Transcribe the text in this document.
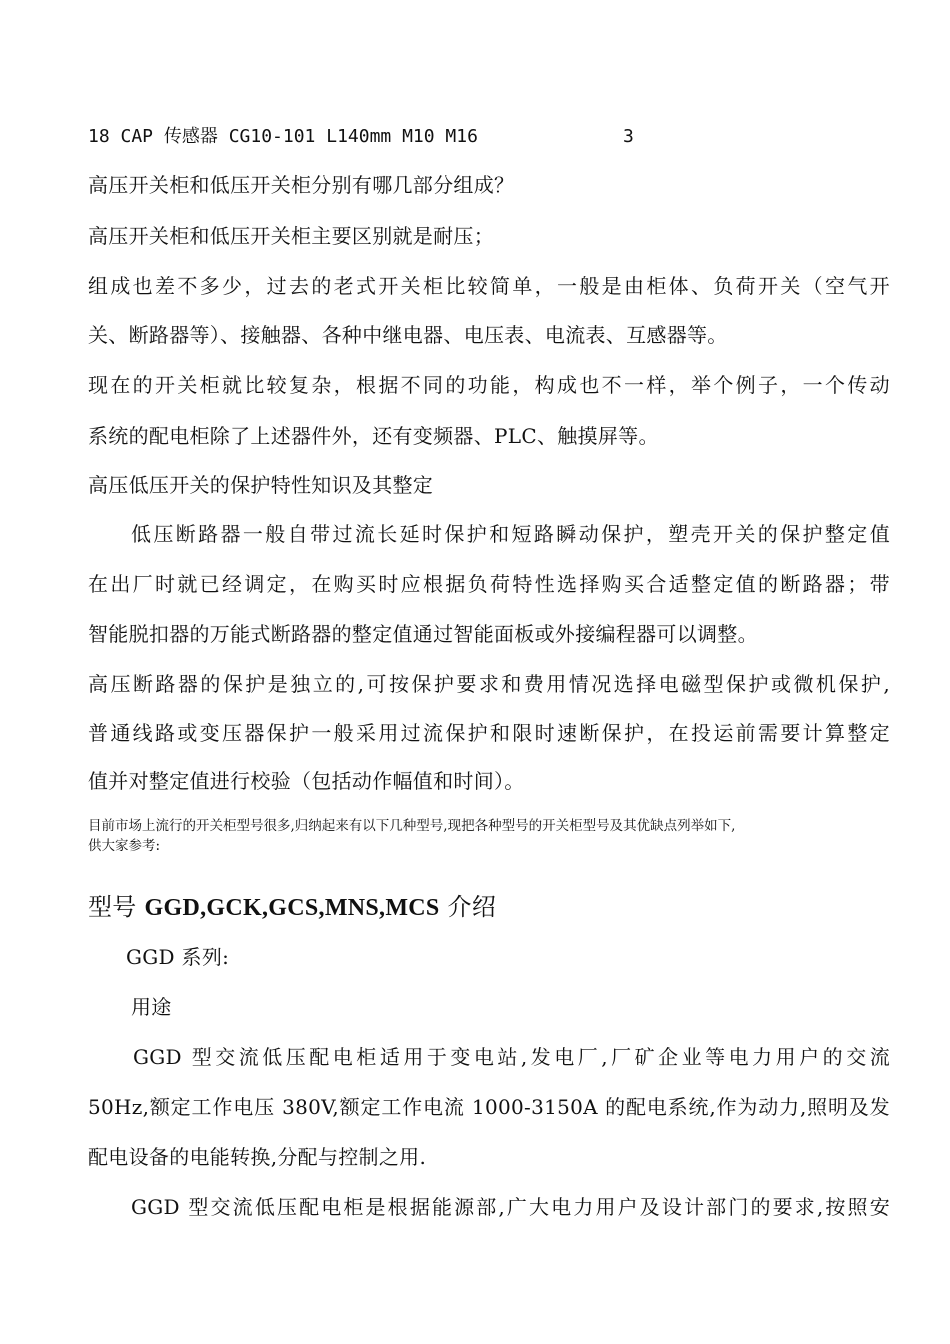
18 CAP 传感器 CG10-101 L140mm M10 M16	3
高压开关柜和低压开关柜分别有哪几部分组成？
高压开关柜和低压开关柜主要区别就是耐压；
组成也差不多少，过去的老式开关柜比较简单，一般是由柜体、负荷开关（空气开
关、断路器等）、接触器、各种中继电器、电压表、电流表、互感器等。
现在的开关柜就比较复杂，根据不同的功能，构成也不一样，举个例子，一个传动
系统的配电柜除了上述器件外，还有变频器、PLC、触摸屏等。
高压低压开关的保护特性知识及其整定
低压断路器一般自带过流长延时保护和短路瞬动保护，塑壳开关的保护整定值
在出厂时就已经调定，在购买时应根据负荷特性选择购买合适整定值的断路器；带
智能脱扣器的万能式断路器的整定值通过智能面板或外接编程器可以调整。
高压断路器的保护是独立的,可按保护要求和费用情况选择电磁型保护或微机保护,
普通线路或变压器保护一般采用过流保护和限时速断保护，在投运前需要计算整定
值并对整定值进行校验（包括动作幅值和时间）。
目前市场上流行的开关柜型号很多,归纳起来有以下几种型号,现把各种型号的开关柜型号及其优缺点列举如下,
供大家参考:
型号 GGD,GCK,GCS,MNS,MCS 介绍
GGD 系列:
用途
GGD 型交流低压配电柜适用于变电站,发电厂,厂矿企业等电力用户的交流
50Hz,额定工作电压 380V,额定工作电流 1000-3150A 的配电系统,作为动力,照明及发
配电设备的电能转换,分配与控制之用.
GGD 型交流低压配电柜是根据能源部,广大电力用户及设计部门的要求,按照安
